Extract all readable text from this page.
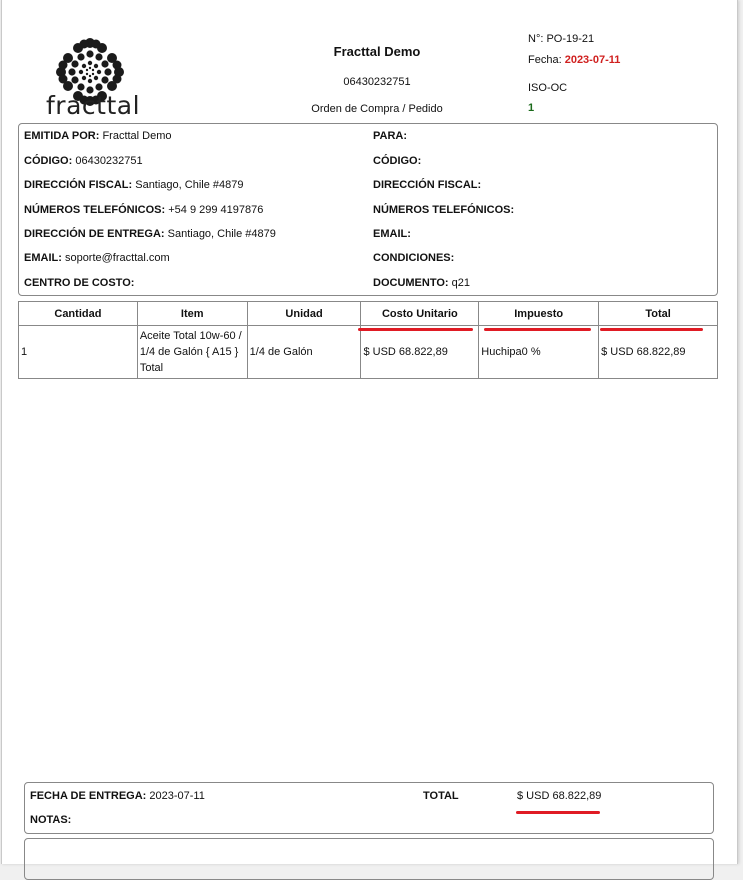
fracttal
Fracttal Demo
06430232751
Orden de Compra / Pedido
N°: PO-19-21
Fecha: 2023-07-11
ISO-OC
1
EMITIDA POR: Fracttal Demo
CÓDIGO: 06430232751
DIRECCIÓN FISCAL: Santiago, Chile #4879
NÚMEROS TELEFÓNICOS: +54 9 299 4197876
DIRECCIÓN DE ENTREGA: Santiago, Chile #4879
EMAIL: soporte@fracttal.com
CENTRO DE COSTO:
PARA:
CÓDIGO:
DIRECCIÓN FISCAL:
NÚMEROS TELEFÓNICOS:
EMAIL:
CONDICIONES:
DOCUMENTO: q21
Cantidad	Item	Unidad	Costo Unitario	Impuesto	Total
1	Aceite Total 10w-60 /
1/4 de Galón { A15 }
Total	1/4 de Galón	$ USD 68.822,89	Huchipa0 %	$ USD 68.822,89
FECHA DE ENTREGA: 2023-07-11	TOTAL	$ USD 68.822,89
NOTAS:
